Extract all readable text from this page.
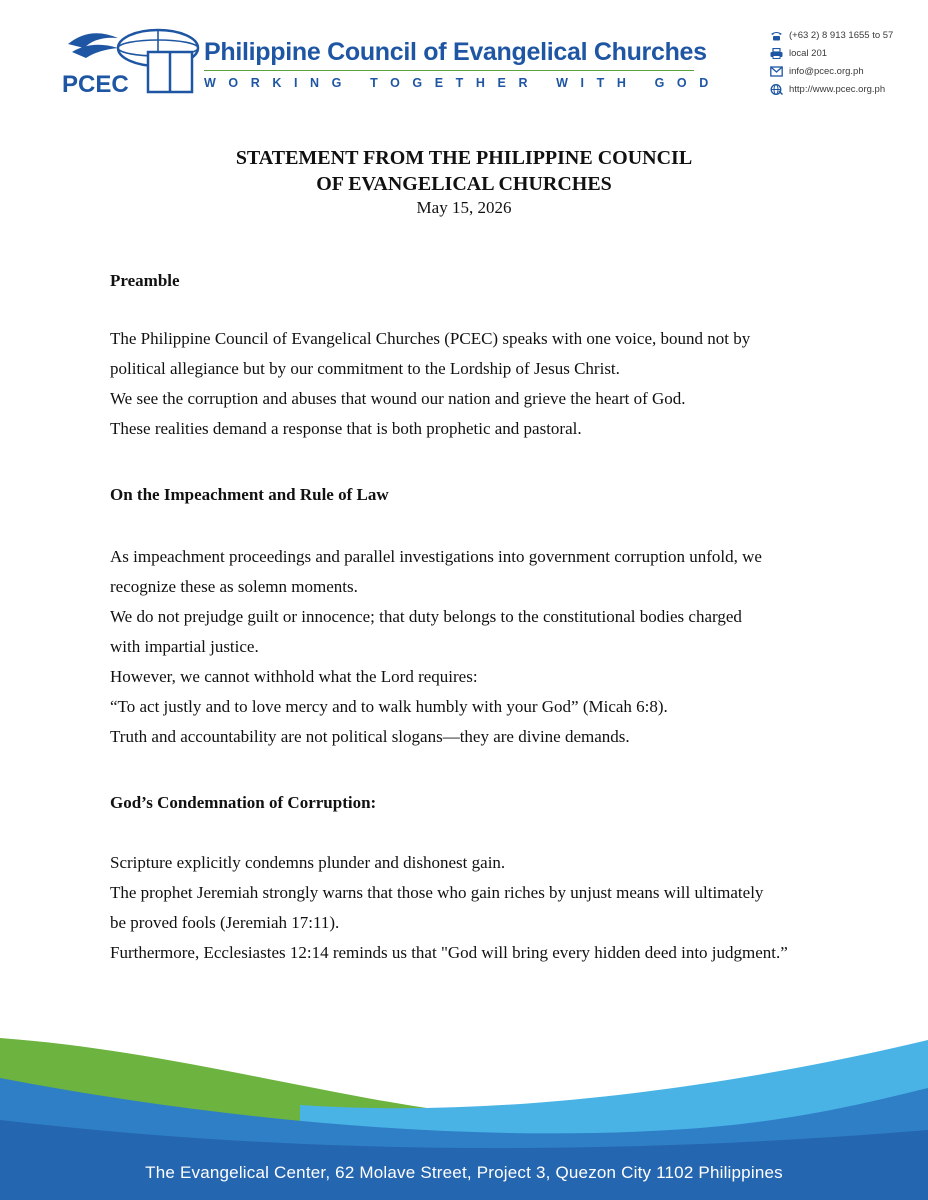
PCEC
Philippine Council of Evangelical Churches
WORKING TOGETHER WITH GOD
(+63 2) 8 913 1655 to 57
local 201
info@pcec.org.ph
http://www.pcec.org.ph
STATEMENT FROM THE PHILIPPINE COUNCIL
OF EVANGELICAL CHURCHES
May 15, 2026
Preamble

The Philippine Council of Evangelical Churches (PCEC) speaks with one voice, bound not by

political allegiance but by our commitment to the Lordship of Jesus Christ.

We see the corruption and abuses that wound our nation and grieve the heart of God.

These realities demand a response that is both prophetic and pastoral.

On the Impeachment and Rule of Law

As impeachment proceedings and parallel investigations into government corruption unfold, we

recognize these as solemn moments.

We do not prejudge guilt or innocence; that duty belongs to the constitutional bodies charged

with impartial justice.

However, we cannot withhold what the Lord requires:

“To act justly and to love mercy and to walk humbly with your God” (Micah 6:8).

Truth and accountability are not political slogans—they are divine demands.

God’s Condemnation of Corruption:

Scripture explicitly condemns plunder and dishonest gain.

The prophet Jeremiah strongly warns that those who gain riches by unjust means will ultimately

be proved fools (Jeremiah 17:11).

Furthermore, Ecclesiastes 12:14 reminds us that "God will bring every hidden deed into judgment.”

The Evangelical Center, 62 Molave Street, Project 3, Quezon City 1102 Philippines
